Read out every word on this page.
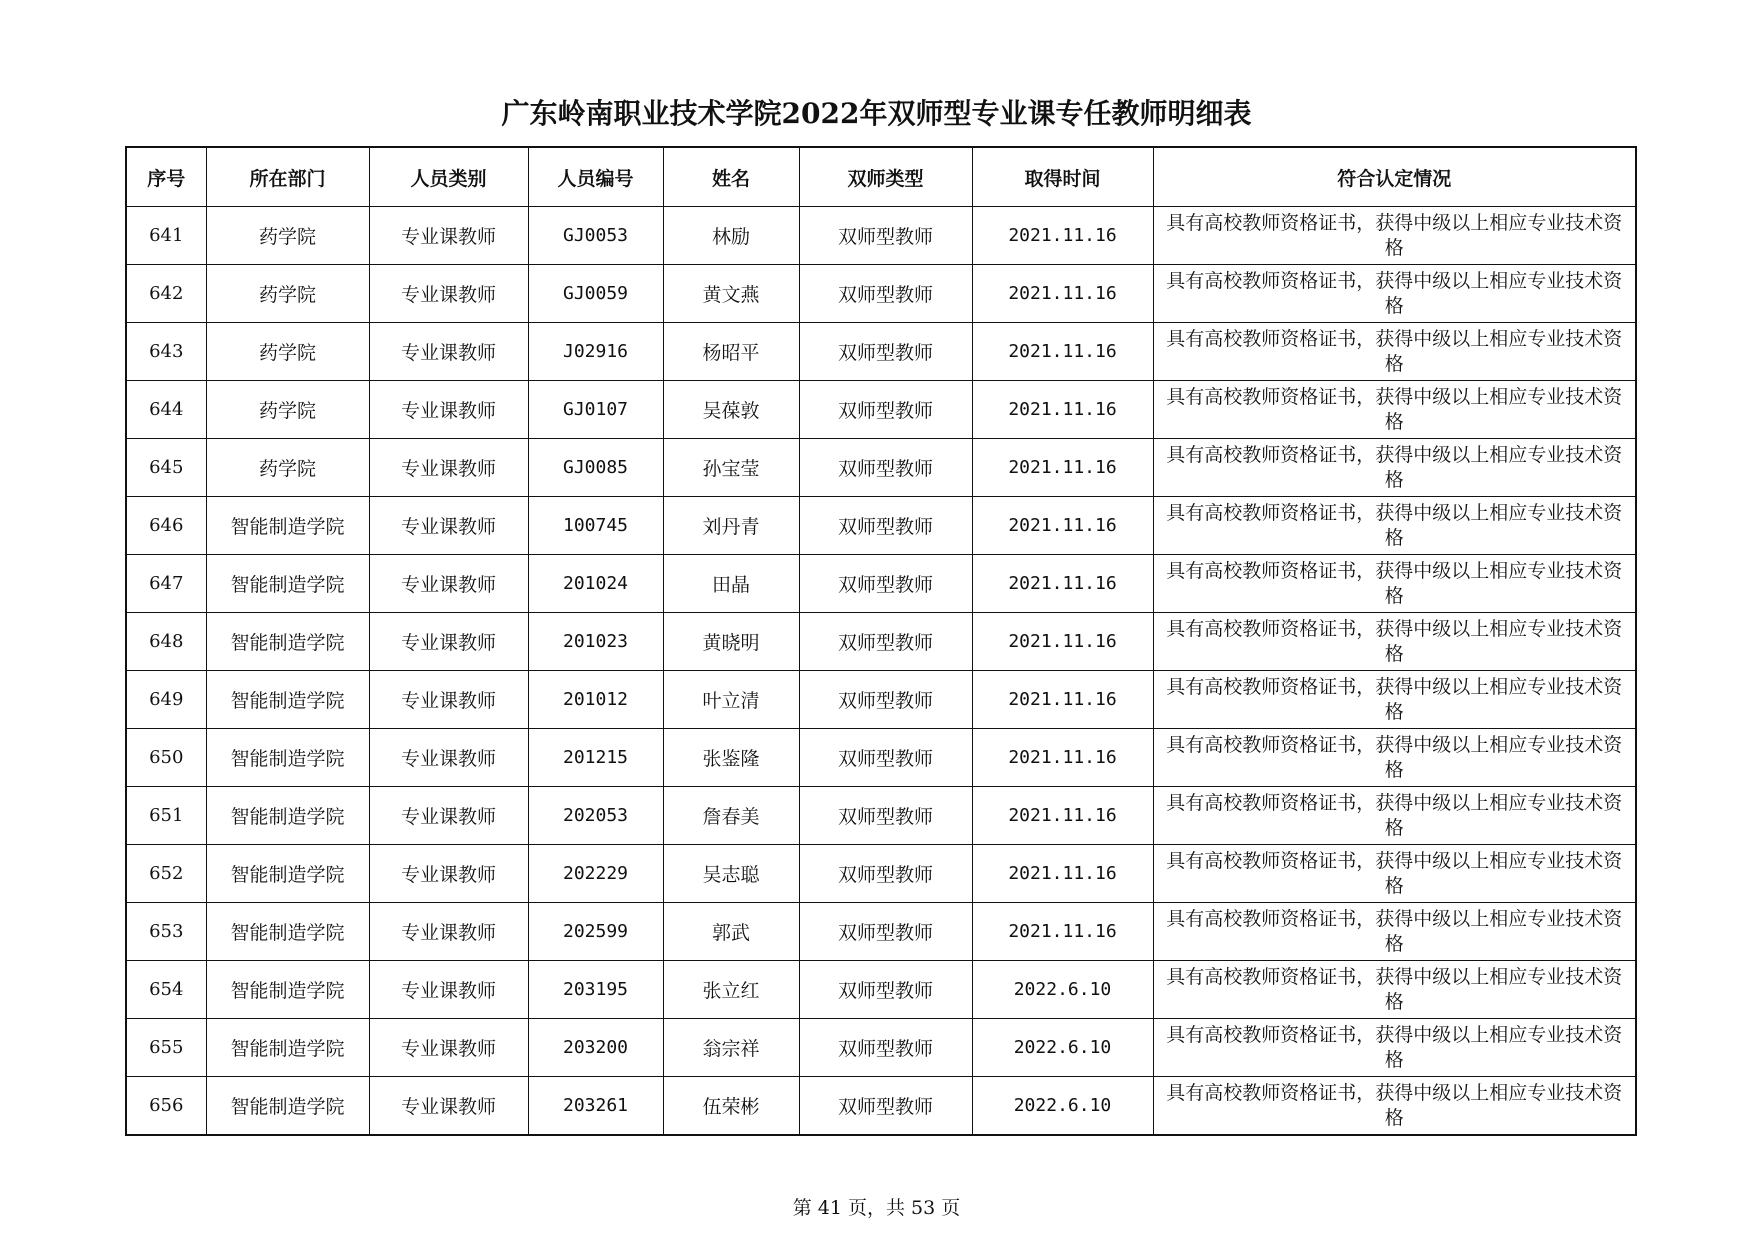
广东岭南职业技术学院2022年双师型专业课专任教师明细表
序号	所在部门	人员类别	人员编号	姓名	双师类型	取得时间	符合认定情况
641	药学院	专业课教师	GJ0053	林励	双师型教师	2021.11.16	具有高校教师资格证书，获得中级以上相应专业技术资格
642	药学院	专业课教师	GJ0059	黄文燕	双师型教师	2021.11.16	具有高校教师资格证书，获得中级以上相应专业技术资格
643	药学院	专业课教师	J02916	杨昭平	双师型教师	2021.11.16	具有高校教师资格证书，获得中级以上相应专业技术资格
644	药学院	专业课教师	GJ0107	吴葆敦	双师型教师	2021.11.16	具有高校教师资格证书，获得中级以上相应专业技术资格
645	药学院	专业课教师	GJ0085	孙宝莹	双师型教师	2021.11.16	具有高校教师资格证书，获得中级以上相应专业技术资格
646	智能制造学院	专业课教师	100745	刘丹青	双师型教师	2021.11.16	具有高校教师资格证书，获得中级以上相应专业技术资格
647	智能制造学院	专业课教师	201024	田晶	双师型教师	2021.11.16	具有高校教师资格证书，获得中级以上相应专业技术资格
648	智能制造学院	专业课教师	201023	黄晓明	双师型教师	2021.11.16	具有高校教师资格证书，获得中级以上相应专业技术资格
649	智能制造学院	专业课教师	201012	叶立清	双师型教师	2021.11.16	具有高校教师资格证书，获得中级以上相应专业技术资格
650	智能制造学院	专业课教师	201215	张鉴隆	双师型教师	2021.11.16	具有高校教师资格证书，获得中级以上相应专业技术资格
651	智能制造学院	专业课教师	202053	詹春美	双师型教师	2021.11.16	具有高校教师资格证书，获得中级以上相应专业技术资格
652	智能制造学院	专业课教师	202229	吴志聪	双师型教师	2021.11.16	具有高校教师资格证书，获得中级以上相应专业技术资格
653	智能制造学院	专业课教师	202599	郭武	双师型教师	2021.11.16	具有高校教师资格证书，获得中级以上相应专业技术资格
654	智能制造学院	专业课教师	203195	张立红	双师型教师	2022.6.10	具有高校教师资格证书，获得中级以上相应专业技术资格
655	智能制造学院	专业课教师	203200	翁宗祥	双师型教师	2022.6.10	具有高校教师资格证书，获得中级以上相应专业技术资格
656	智能制造学院	专业课教师	203261	伍荣彬	双师型教师	2022.6.10	具有高校教师资格证书，获得中级以上相应专业技术资格
第 41 页，共 53 页
